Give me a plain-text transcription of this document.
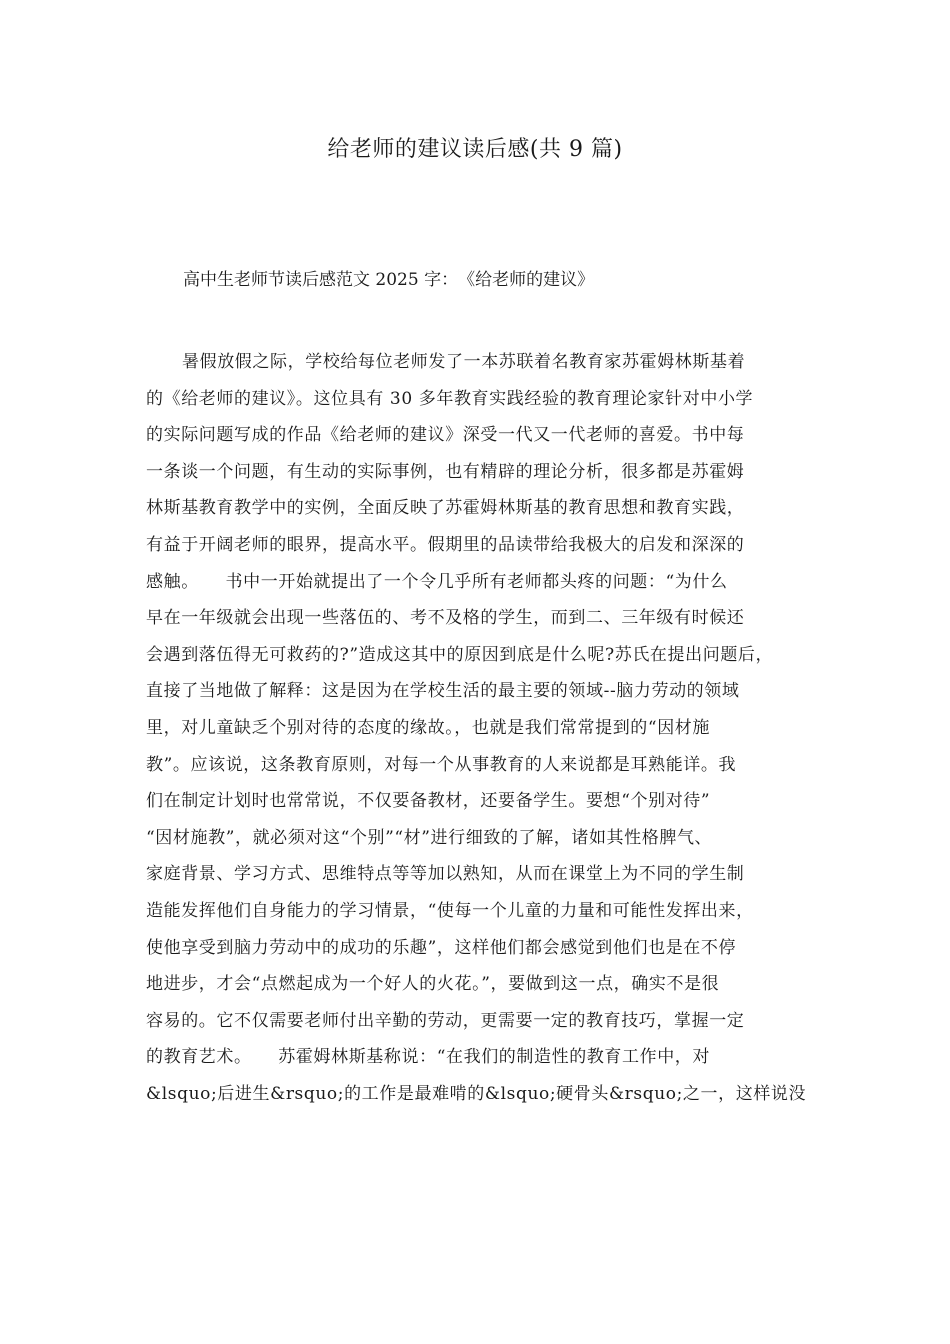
给老师的建议读后感(共 9 篇)
高中生老师节读后感范文 2025 字：　《给老师的建议》
暑假放假之际，学校给每位老师发了一本苏联着名教育家苏霍姆林斯基着
的《给老师的建议》。这位具有 30 多年教育实践经验的教育理论家针对中小学
的实际问题写成的作品《给老师的建议》深受一代又一代老师的喜爱。书中每
一条谈一个问题，有生动的实际事例，也有精辟的理论分析，很多都是苏霍姆
林斯基教育教学中的实例，全面反映了苏霍姆林斯基的教育思想和教育实践，
有益于开阔老师的眼界，提高水平。假期里的品读带给我极大的启发和深深的
感触。　　书中一开始就提出了一个令几乎所有老师都头疼的问题：“为什么
早在一年级就会出现一些落伍的、考不及格的学生，而到二、三年级有时候还
会遇到落伍得无可救药的?”造成这其中的原因到底是什么呢?苏氏在提出问题后，
直接了当地做了解释：这是因为在学校生活的最主要的领域--脑力劳动的领域
里，对儿童缺乏个别对待的态度的缘故。，也就是我们常常提到的“因材施
教”。应该说，这条教育原则，对每一个从事教育的人来说都是耳熟能详。我
们在制定计划时也常常说，不仅要备教材，还要备学生。要想“个别对待”
“因材施教”，就必须对这“个别”“材”进行细致的了解，诸如其性格脾气、
家庭背景、学习方式、思维特点等等加以熟知，从而在课堂上为不同的学生制
造能发挥他们自身能力的学习情景，“使每一个儿童的力量和可能性发挥出来，
使他享受到脑力劳动中的成功的乐趣”，这样他们都会感觉到他们也是在不停
地进步，才会“点燃起成为一个好人的火花。”，要做到这一点，确实不是很
容易的。它不仅需要老师付出辛勤的劳动，更需要一定的教育技巧，掌握一定
的教育艺术。　　苏霍姆林斯基称说：“在我们的制造性的教育工作中，对
&lsquo;后进生&rsquo;的工作是最难啃的&lsquo;硬骨头&rsquo;之一，这样说没
